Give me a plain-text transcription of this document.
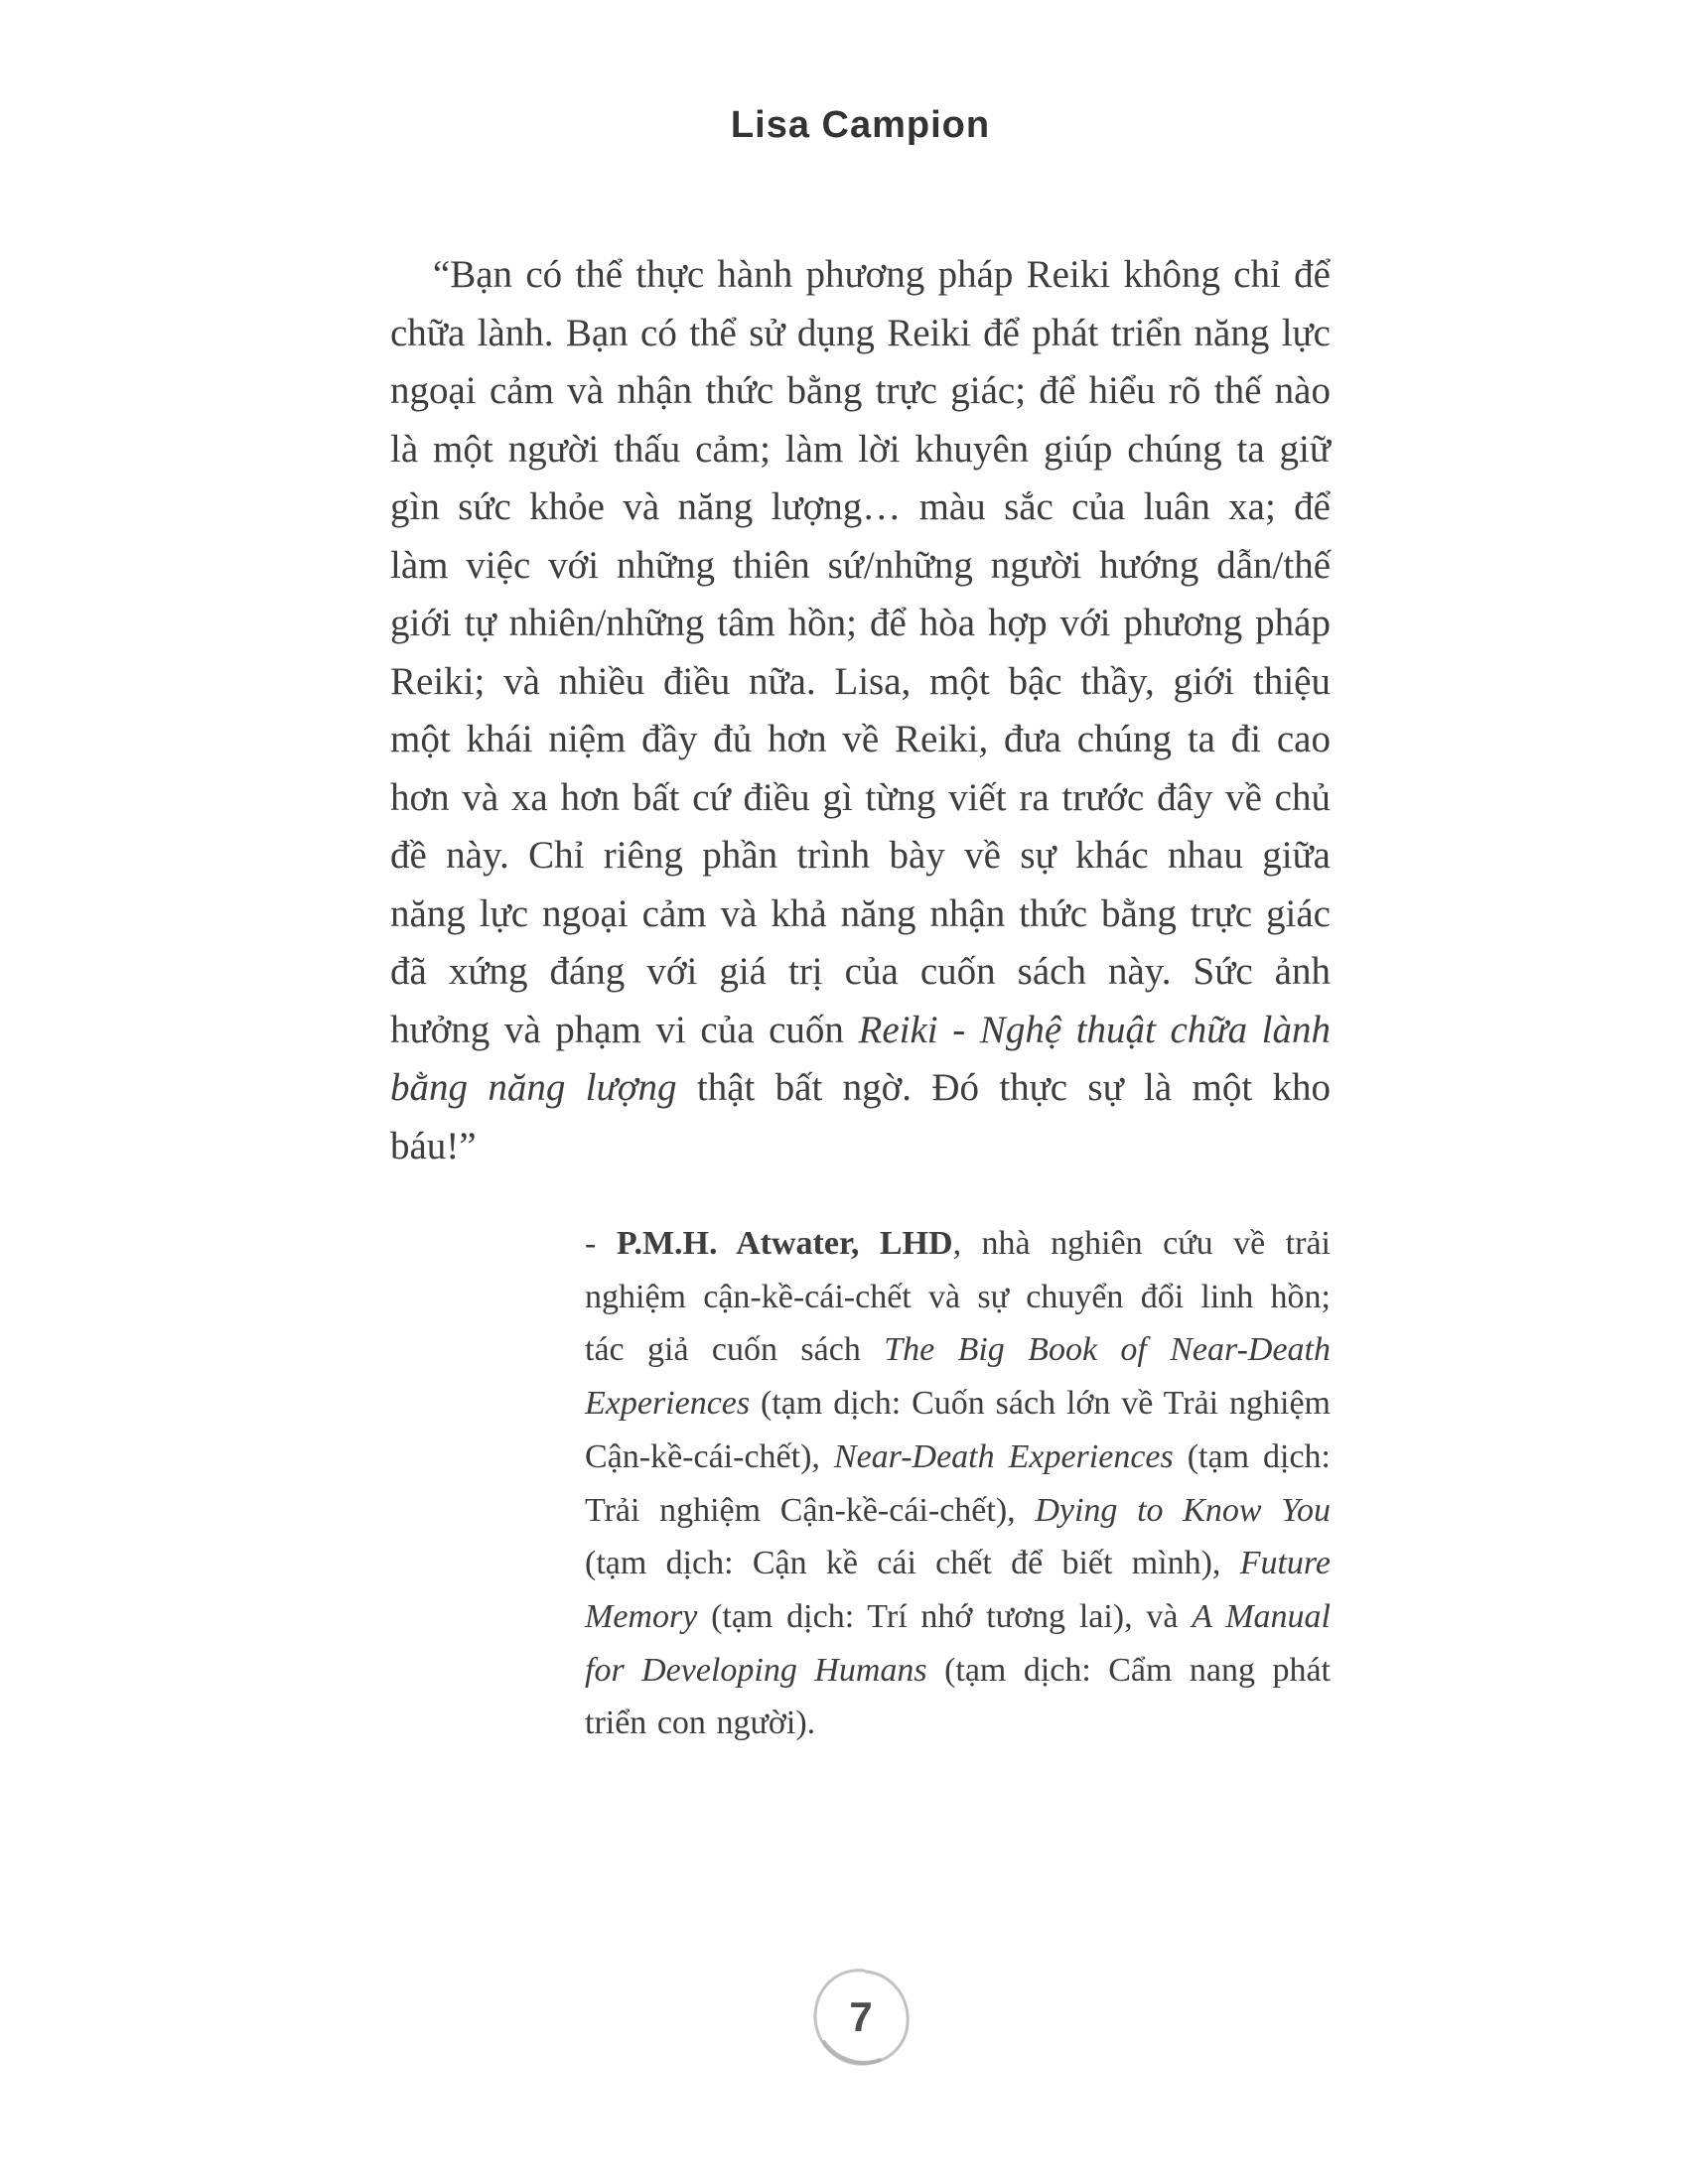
Lisa Campion
“Bạn có thể thực hành phương pháp Reiki không chỉ để chữa lành. Bạn có thể sử dụng Reiki để phát triển năng lực ngoại cảm và nhận thức bằng trực giác; để hiểu rõ thế nào là một người thấu cảm; làm lời khuyên giúp chúng ta giữ gìn sức khỏe và năng lượng… màu sắc của luân xa; để làm việc với những thiên sứ/những người hướng dẫn/thế giới tự nhiên/những tâm hồn; để hòa hợp với phương pháp Reiki; và nhiều điều nữa. Lisa, một bậc thầy, giới thiệu một khái niệm đầy đủ hơn về Reiki, đưa chúng ta đi cao hơn và xa hơn bất cứ điều gì từng viết ra trước đây về chủ đề này. Chỉ riêng phần trình bày về sự khác nhau giữa năng lực ngoại cảm và khả năng nhận thức bằng trực giác đã xứng đáng với giá trị của cuốn sách này. Sức ảnh hưởng và phạm vi của cuốn Reiki - Nghệ thuật chữa lành bằng năng lượng thật bất ngờ. Đó thực sự là một kho báu!”
- P.M.H. Atwater, LHD, nhà nghiên cứu về trải nghiệm cận-kề-cái-chết và sự chuyển đổi linh hồn; tác giả cuốn sách The Big Book of Near-Death Experiences (tạm dịch: Cuốn sách lớn về Trải nghiệm Cận-kề-cái-chết), Near-Death Experiences (tạm dịch: Trải nghiệm Cận-kề-cái-chết), Dying to Know You (tạm dịch: Cận kề cái chết để biết mình), Future Memory (tạm dịch: Trí nhớ tương lai), và A Manual for Developing Humans (tạm dịch: Cẩm nang phát triển con người).
7
